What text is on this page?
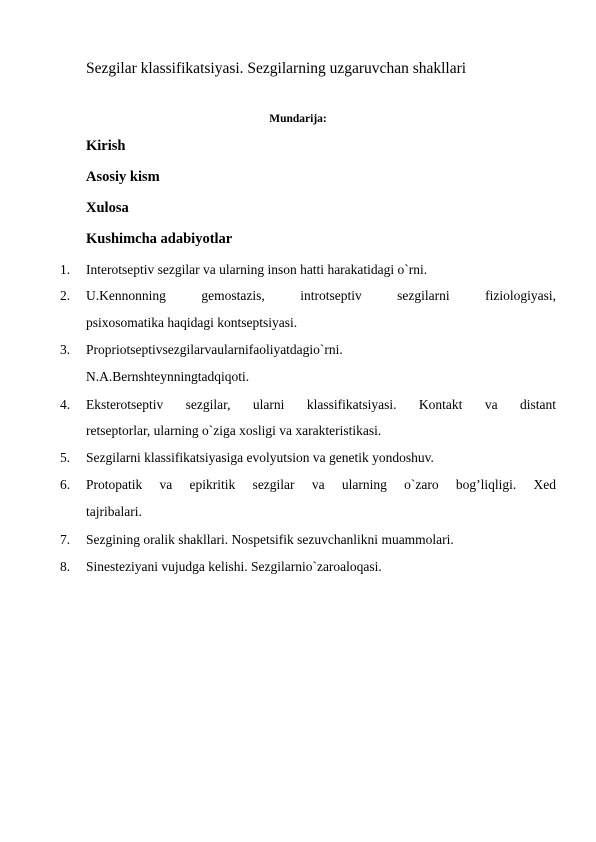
Sezgilar klassifikatsiyasi. Sezgilarning uzgaruvchan shakllari
Mundarija:
Kirish
Asosiy kism
Xulosa
Kushimcha adabiyotlar
1. Interotseptiv sezgilar va ularning inson hatti harakatidagi o`rni.
2. U.Kennonning gemostazis, introtseptiv sezgilarni fiziologiyasi,
psixosomatika haqidagi kontseptsiyasi.
3. Propriotseptivsezgilarvaularnifaoliyatdagio`rni.
N.A.Bernshteynningtadqiqoti.
4. Eksterotseptiv sezgilar, ularni klassifikatsiyasi. Kontakt va distant
retseptorlar, ularning o`ziga xosligi va xarakteristikasi.
5. Sezgilarni klassifikatsiyasiga evolyutsion va genetik yondoshuv.
6. Protopatik va epikritik sezgilar va ularning o`zaro bog’liqligi. Xed
tajribalari.
7. Sezgining oralik shakllari. Nospetsifik sezuvchanlikni muammolari.
8. Sinesteziyani vujudga kelishi. Sezgilarnio`zaroaloqasi.
